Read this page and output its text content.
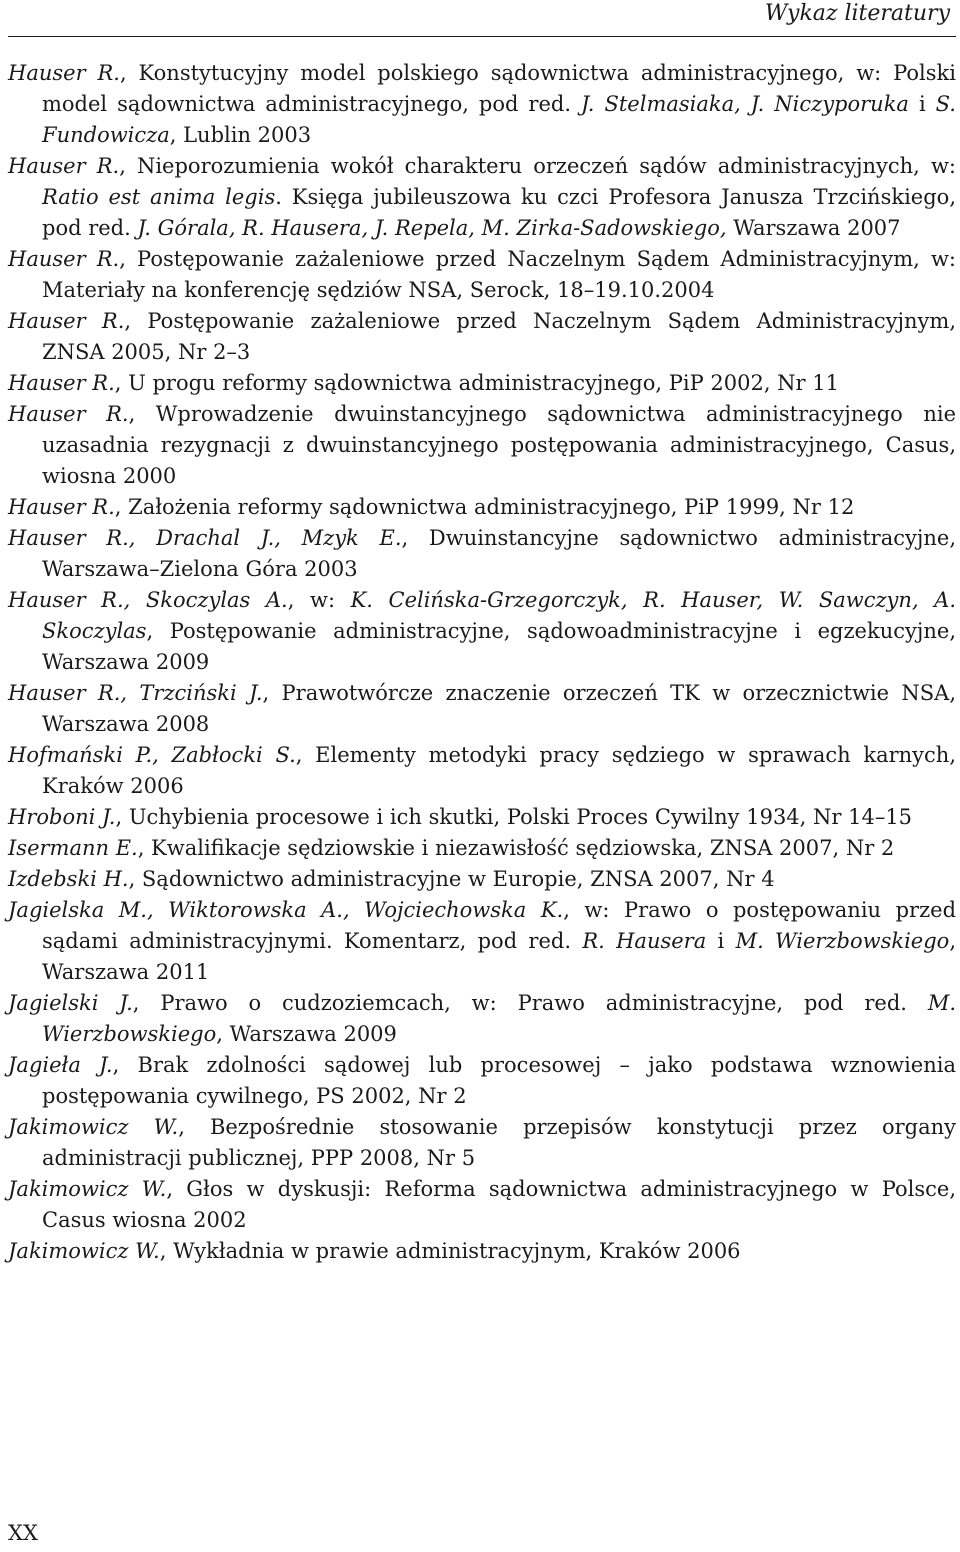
Wykaz literatury
Hauser R., Konstytucyjny model polskiego sądownictwa administracyjnego, w: Polski model sądownictwa administracyjnego, pod red. J. Stelmasiaka, J. Niczyporuka i S. Fundowicza, Lublin 2003
Hauser R., Nieporozumienia wokół charakteru orzeczeń sądów administracyjnych, w: Ratio est anima legis. Księga jubileuszowa ku czci Profesora Janusza Trzcińskiego, pod red. J. Górala, R. Hausera, J. Repela, M. Zirka-Sadowskiego, Warszawa 2007
Hauser R., Postępowanie zażaleniowe przed Naczelnym Sądem Administracyjnym, w: Materiały na konferencję sędziów NSA, Serock, 18–19.10.2004
Hauser R., Postępowanie zażaleniowe przed Naczelnym Sądem Administracyjnym, ZNSA 2005, Nr 2–3
Hauser R., U progu reformy sądownictwa administracyjnego, PiP 2002, Nr 11
Hauser R., Wprowadzenie dwuinstancyjnego sądownictwa administracyjnego nie uzasadnia rezygnacji z dwuinstancyjnego postępowania administracyjnego, Casus, wiosna 2000
Hauser R., Założenia reformy sądownictwa administracyjnego, PiP 1999, Nr 12
Hauser R., Drachal J., Mzyk E., Dwuinstancyjne sądownictwo administracyjne, Warszawa–Zielona Góra 2003
Hauser R., Skoczylas A., w: K. Celińska-Grzegorczyk, R. Hauser, W. Sawczyn, A. Skoczylas, Postępowanie administracyjne, sądowoadministracyjne i egzekucyjne, Warszawa 2009
Hauser R., Trzciński J., Prawotwórcze znaczenie orzeczeń TK w orzecznictwie NSA, Warszawa 2008
Hofmański P., Zabłocki S., Elementy metodyki pracy sędziego w sprawach karnych, Kraków 2006
Hroboni J., Uchybienia procesowe i ich skutki, Polski Proces Cywilny 1934, Nr 14–15
Isermann E., Kwalifikacje sędziowskie i niezawisłość sędziowska, ZNSA 2007, Nr 2
Izdebski H., Sądownictwo administracyjne w Europie, ZNSA 2007, Nr 4
Jagielska M., Wiktorowska A., Wojciechowska K., w: Prawo o postępowaniu przed sądami administracyjnymi. Komentarz, pod red. R. Hausera i M. Wierzbowskiego, Warszawa 2011
Jagielski J., Prawo o cudzoziemcach, w: Prawo administracyjne, pod red. M. Wierzbowskiego, Warszawa 2009
Jagieła J., Brak zdolności sądowej lub procesowej – jako podstawa wznowienia postępowania cywilnego, PS 2002, Nr 2
Jakimowicz W., Bezpośrednie stosowanie przepisów konstytucji przez organy administracji publicznej, PPP 2008, Nr 5
Jakimowicz W., Głos w dyskusji: Reforma sądownictwa administracyjnego w Polsce, Casus wiosna 2002
Jakimowicz W., Wykładnia w prawie administracyjnym, Kraków 2006
XX
